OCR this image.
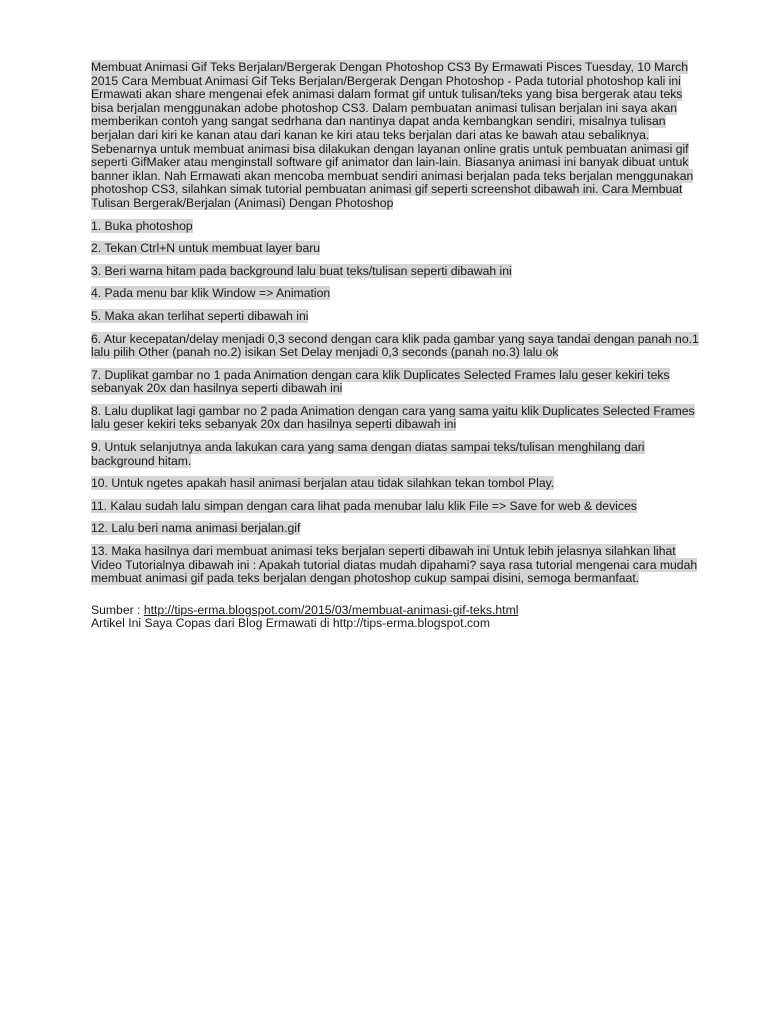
Membuat Animasi Gif Teks Berjalan/Bergerak Dengan Photoshop CS3 By Ermawati Pisces Tuesday, 10 March 2015 Cara Membuat Animasi Gif Teks Berjalan/Bergerak Dengan Photoshop - Pada tutorial photoshop kali ini Ermawati akan share mengenai efek animasi dalam format gif untuk tulisan/teks yang bisa bergerak atau teks bisa berjalan menggunakan adobe photoshop CS3. Dalam pembuatan animasi tulisan berjalan ini saya akan memberikan contoh yang sangat sedrhana dan nantinya dapat anda kembangkan sendiri, misalnya tulisan berjalan dari kiri ke kanan atau dari kanan ke kiri atau teks berjalan dari atas ke bawah atau sebaliknya. Sebenarnya untuk membuat animasi bisa dilakukan dengan layanan online gratis untuk pembuatan animasi gif seperti GifMaker atau menginstall software gif animator dan lain-lain. Biasanya animasi ini banyak dibuat untuk banner iklan. Nah Ermawati akan mencoba membuat sendiri animasi berjalan pada teks berjalan menggunakan photoshop CS3, silahkan simak tutorial pembuatan animasi gif seperti screenshot dibawah ini. Cara Membuat Tulisan Bergerak/Berjalan (Animasi) Dengan Photoshop

1. Buka photoshop
2. Tekan Ctrl+N untuk membuat layer baru
3. Beri warna hitam pada background lalu buat teks/tulisan seperti dibawah ini
4. Pada menu bar klik Window => Animation
5. Maka akan terlihat seperti dibawah ini
6. Atur kecepatan/delay menjadi 0,3 second dengan cara klik pada gambar yang saya tandai dengan panah no.1 lalu pilih Other (panah no.2) isikan Set Delay menjadi 0,3 seconds (panah no.3) lalu ok
7. Duplikat gambar no 1 pada Animation dengan cara klik Duplicates Selected Frames lalu geser kekiri teks sebanyak 20x dan hasilnya seperti dibawah ini
8. Lalu duplikat lagi gambar no 2 pada Animation dengan cara yang sama yaitu klik Duplicates Selected Frames lalu geser kekiri teks sebanyak 20x dan hasilnya seperti dibawah ini
9. Untuk selanjutnya anda lakukan cara yang sama dengan diatas sampai teks/tulisan menghilang dari background hitam.
10. Untuk ngetes apakah hasil animasi berjalan atau tidak silahkan tekan tombol Play.
11. Kalau sudah lalu simpan dengan cara lihat pada menubar lalu klik File => Save for web & devices
12. Lalu beri nama animasi berjalan.gif
13. Maka hasilnya dari membuat animasi teks berjalan seperti dibawah ini Untuk lebih jelasnya silahkan lihat Video Tutorialnya dibawah ini : Apakah tutorial diatas mudah dipahami? saya rasa tutorial mengenai cara mudah membuat animasi gif pada teks berjalan dengan photoshop cukup sampai disini, semoga bermanfaat.
Sumber : http://tips-erma.blogspot.com/2015/03/membuat-animasi-gif-teks.html
Artikel Ini Saya Copas dari Blog Ermawati di http://tips-erma.blogspot.com
